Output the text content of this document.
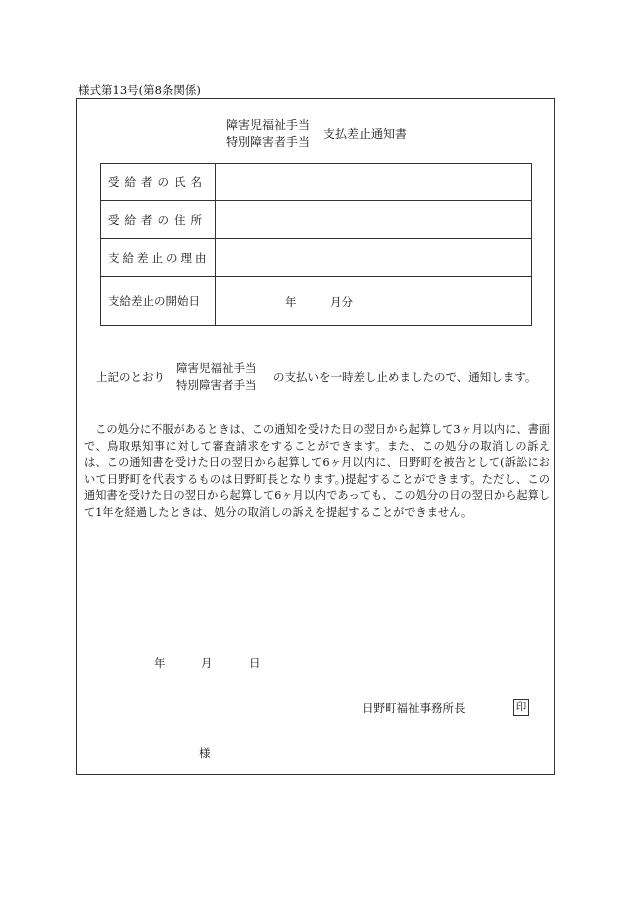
様式第13号(第8条関係)
障害児福祉手当
特別障害者手当
支払差止通知書
受給者の氏名	
受給者の住所	
支給差止の理由	
支給差止の開始日		年	月分
上記のとおり
障害児福祉手当
特別障害者手当
の支払いを一時差し止めましたので、通知します。

この処分に不服があるときは、この通知を受けた日の翌日から起算して3ヶ月以内に、書面で、鳥取県知事に対して審査請求をすることができます。また、この処分の取消しの訴えは、この通知書を受けた日の翌日から起算して6ヶ月以内に、日野町を被告として(訴訟において日野町を代表するものは日野町長となります。)提起することができます。ただし、この通知書を受けた日の翌日から起算して6ヶ月以内であっても、この処分の日の翌日から起算して1年を経過したときは、処分の取消しの訴えを提起することができません。

年	月	日
日野町福祉事務所長	印
様
